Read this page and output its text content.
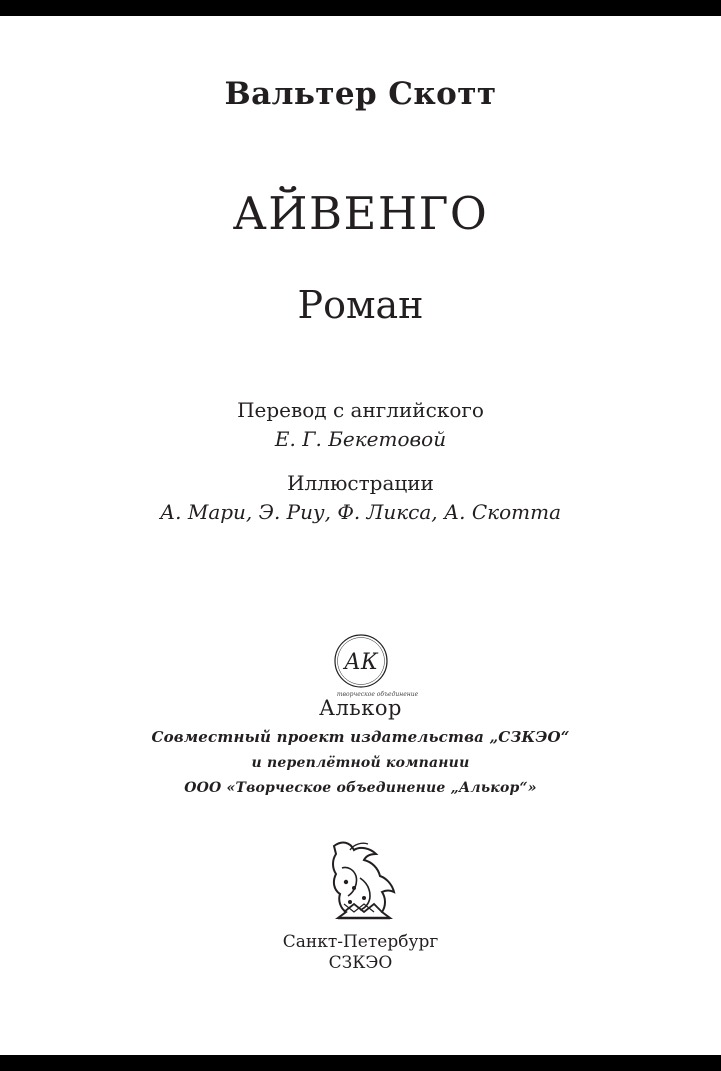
Вальтер Скотт
АЙВЕНГО
Роман
Перевод с английского
Е. Г. Бекетовой
Иллюстрации
А. Мари, Э. Риу, Ф. Ликса, А. Скотта
АК
творческое объединение
Алькор
Совместный проект издательства „СЗКЭО“
и переплётной компании
ООО «Творческое объединение „Алькор“»
Санкт-Петербург
СЗКЭО
